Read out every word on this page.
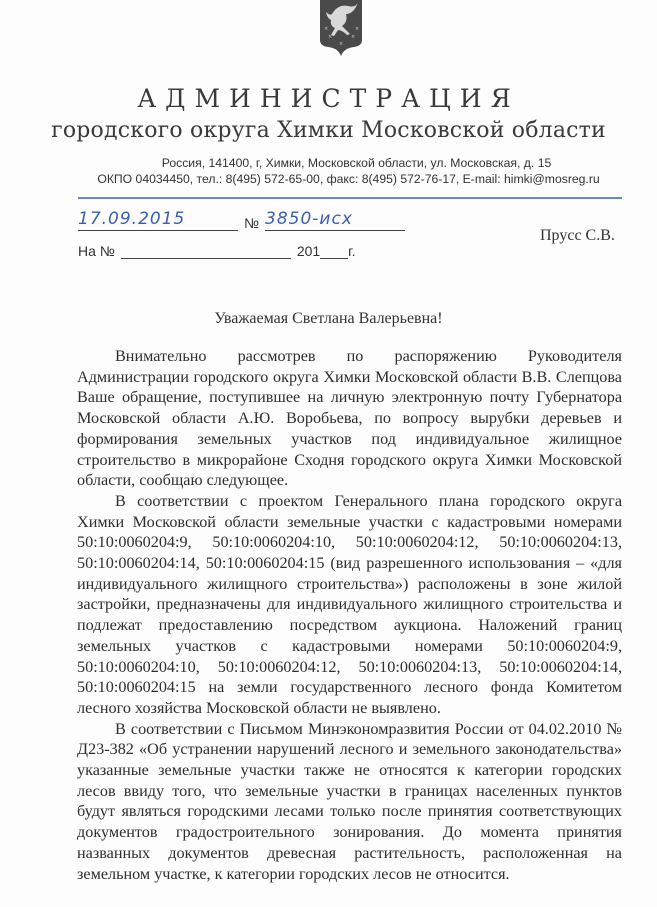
×	×
×	×
×
АДМИНИСТРАЦИЯ
городского округа Химки Московской области
Россия, 141400, г, Химки, Московской области, ул. Московская, д. 15
ОКПО 04034450, тел.: 8(495) 572-65-00, факс: 8(495) 572-76-17, E-mail: himki@mosreg.ru
17.09.2015	№ 3850-исх
На №	201 г.
Прусс С.В.
Уважаемая Светлана Валерьевна!

Внимательно рассмотрев по распоряжению Руководителя Администрации городского округа Химки Московской области В.В. Слепцова Ваше обращение, поступившее на личную электронную почту Губернатора Московской области А.Ю. Воробьева, по вопросу вырубки деревьев и формирования земельных участков под индивидуальное жилищное строительство в микрорайоне Сходня городского округа Химки Московской области, сообщаю следующее.

В соответствии с проектом Генерального плана городского округа Химки Московской области земельные участки с кадастровыми номерами 50:10:0060204:9, 50:10:0060204:10, 50:10:0060204:12, 50:10:0060204:13, 50:10:0060204:14, 50:10:0060204:15 (вид разрешенного использования – «для индивидуального жилищного строительства») расположены в зоне жилой застройки, предназначены для индивидуального жилищного строительства и подлежат предоставлению посредством аукциона. Наложений границ земельных участков с кадастровыми номерами 50:10:0060204:9, 50:10:0060204:10, 50:10:0060204:12, 50:10:0060204:13, 50:10:0060204:14, 50:10:0060204:15 на земли государственного лесного фонда Комитетом лесного хозяйства Московской области не выявлено.

В соответствии с Письмом Минэкономразвития России от 04.02.2010 № Д23-382 «Об устранении нарушений лесного и земельного законодательства» указанные земельные участки также не относятся к категории городских лесов ввиду того, что земельные участки в границах населенных пунктов будут являться городскими лесами только после принятия соответствующих документов градостроительного зонирования. До момента принятия названных документов древесная растительность, расположенная на земельном участке, к категории городских лесов не относится.
